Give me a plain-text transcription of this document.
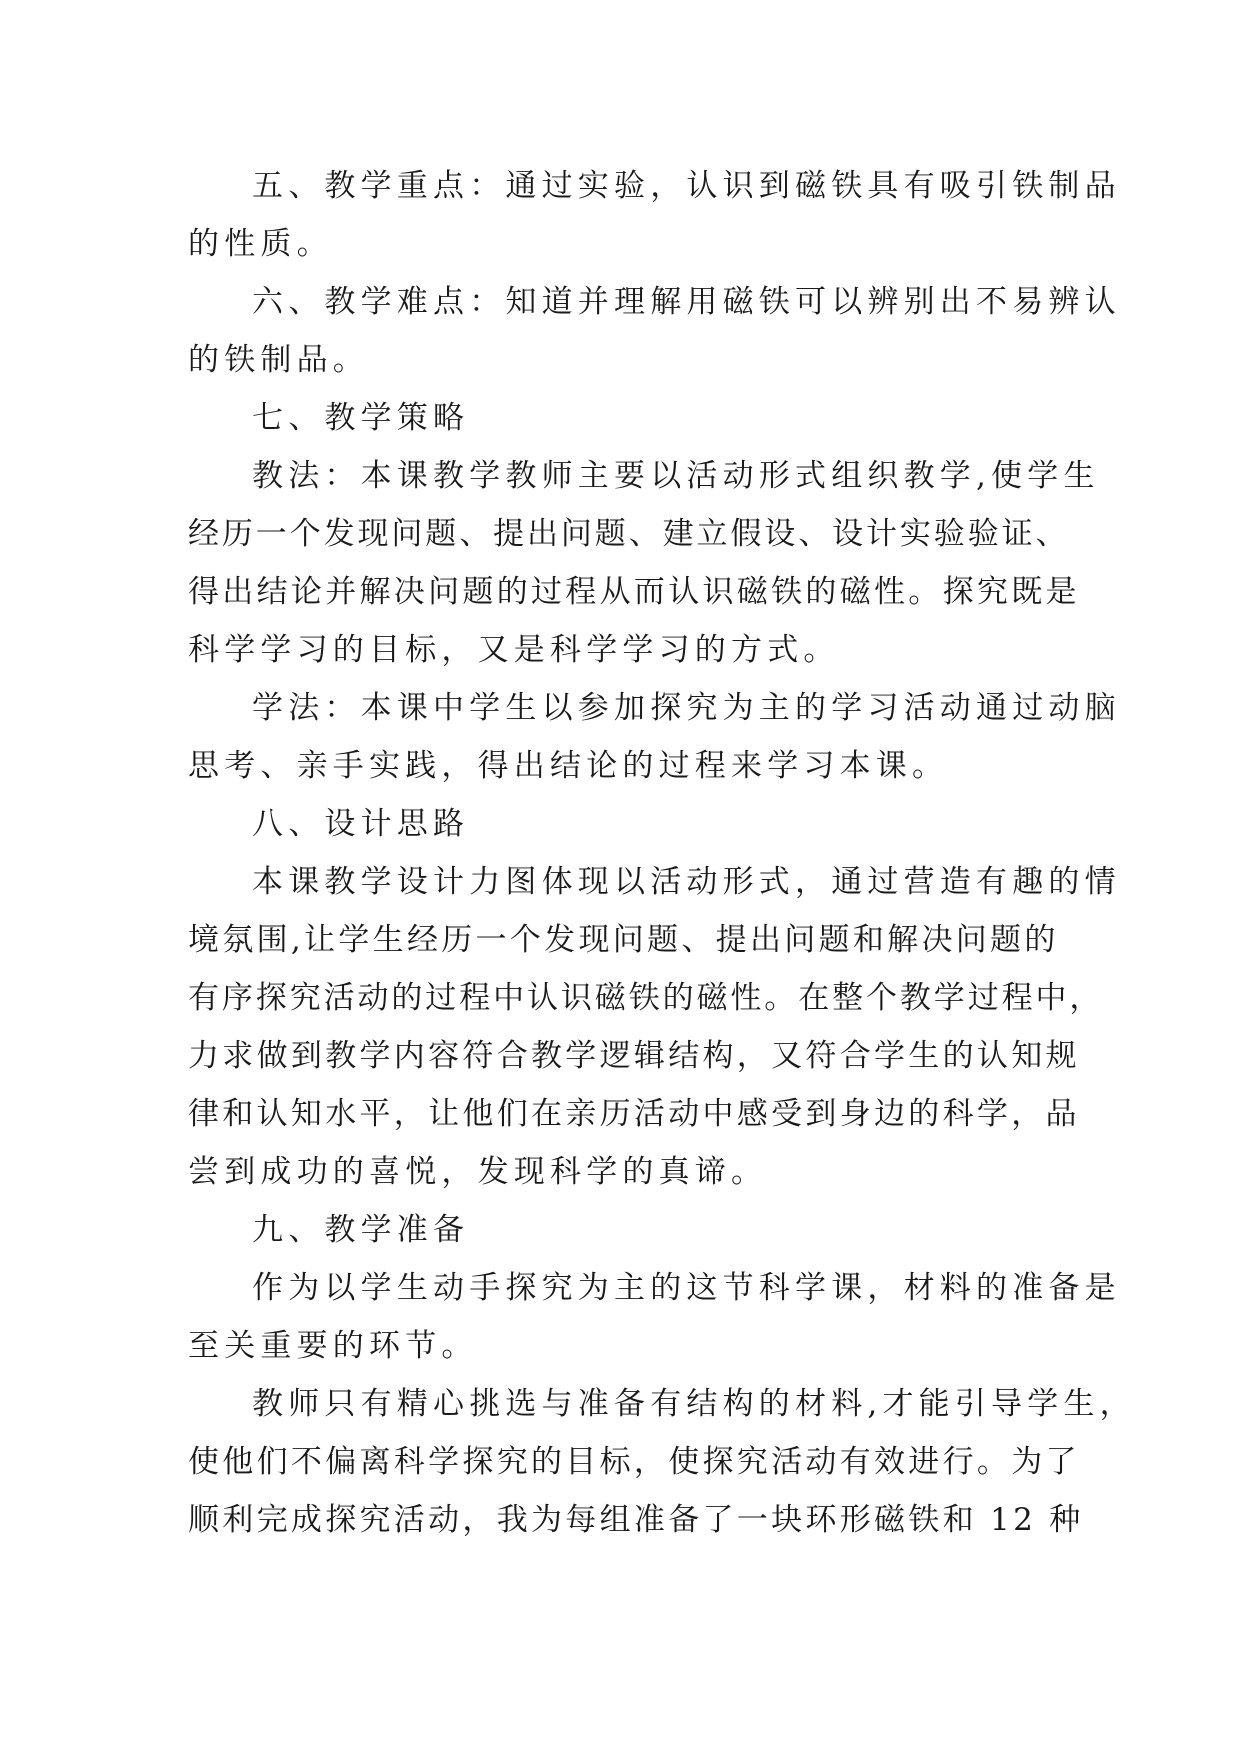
五、教学重点：通过实验，认识到磁铁具有吸引铁制品

的性质。

六、教学难点：知道并理解用磁铁可以辨别出不易辨认

的铁制品。

七、教学策略

教法：本课教学教师主要以活动形式组织教学,使学生

经历一个发现问题、提出问题、建立假设、设计实验验证、

得出结论并解决问题的过程从而认识磁铁的磁性。探究既是

科学学习的目标，又是科学学习的方式。

学法：本课中学生以参加探究为主的学习活动通过动脑

思考、亲手实践，得出结论的过程来学习本课。

八、设计思路

本课教学设计力图体现以活动形式，通过营造有趣的情

境氛围,让学生经历一个发现问题、提出问题和解决问题的

有序探究活动的过程中认识磁铁的磁性。在整个教学过程中，

力求做到教学内容符合教学逻辑结构，又符合学生的认知规

律和认知水平，让他们在亲历活动中感受到身边的科学，品

尝到成功的喜悦，发现科学的真谛。

九、教学准备

作为以学生动手探究为主的这节科学课，材料的准备是

至关重要的环节。

教师只有精心挑选与准备有结构的材料,才能引导学生，

使他们不偏离科学探究的目标，使探究活动有效进行。为了

顺利完成探究活动，我为每组准备了一块环形磁铁和 12 种
